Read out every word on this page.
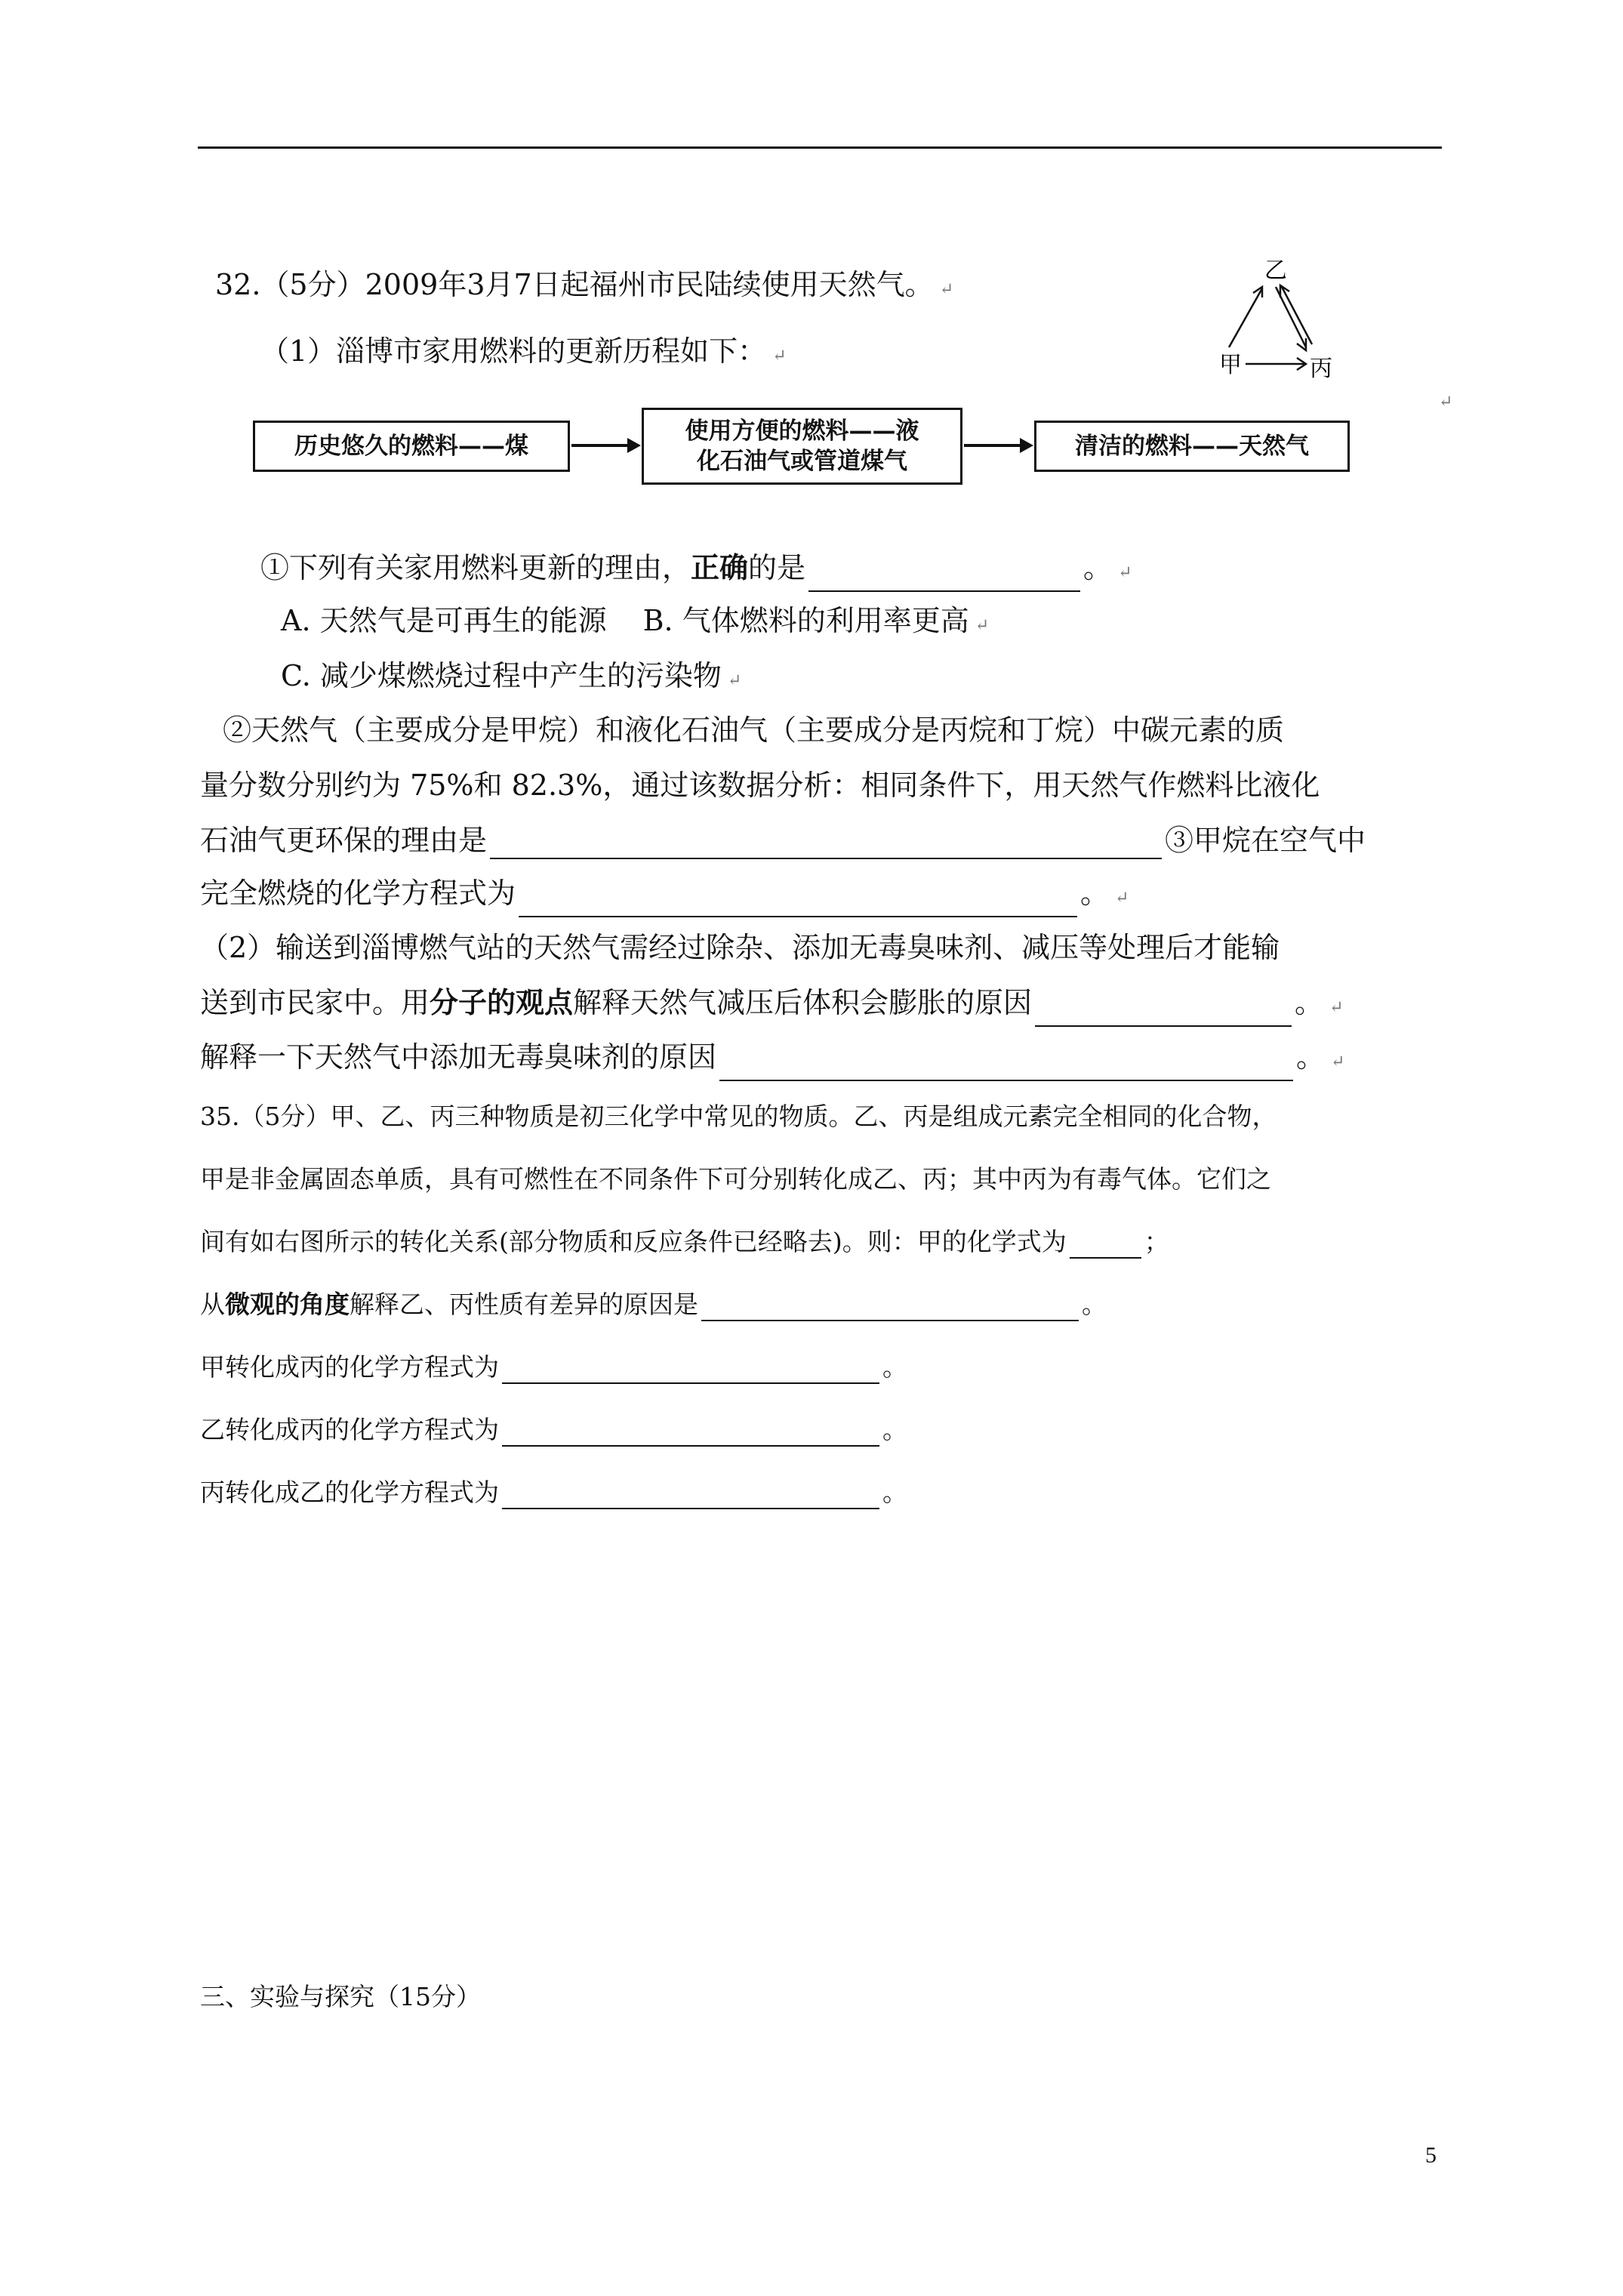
32.（5分）2009年3月7日起福州市民陆续使用天然气。 ↵
乙
甲	丙
（1）淄博市家用燃料的更新历程如下： ↵
↵
历史悠久的燃料——煤
使用方便的燃料——液
化石油气或管道煤气
清洁的燃料——天然气
①下列有关家用燃料更新的理由，正确的是	。 ↵
A. 天然气是可再生的能源 B. 气体燃料的利用率更高 ↵
C. 减少煤燃烧过程中产生的污染物 ↵
②天然气（主要成分是甲烷）和液化石油气（主要成分是丙烷和丁烷）中碳元素的质
量分数分别约为 75%和 82.3%，通过该数据分析：相同条件下，用天然气作燃料比液化
石油气更环保的理由是	③甲烷在空气中
完全燃烧的化学方程式为	。 ↵
（2）输送到淄博燃气站的天然气需经过除杂、添加无毒臭味剂、减压等处理后才能输
送到市民家中。用分子的观点解释天然气减压后体积会膨胀的原因	。 ↵
解释一下天然气中添加无毒臭味剂的原因	。 ↵
35.（5分）甲、乙、丙三种物质是初三化学中常见的物质。乙、丙是组成元素完全相同的化合物，
甲是非金属固态单质，具有可燃性在不同条件下可分别转化成乙、丙；其中丙为有毒气体。它们之
间有如右图所示的转化关系(部分物质和反应条件已经略去)。则：甲的化学式为	；
从微观的角度解释乙、丙性质有差异的原因是	。
甲转化成丙的化学方程式为	。
乙转化成丙的化学方程式为	。
丙转化成乙的化学方程式为	。
三、实验与探究（15分）
5
